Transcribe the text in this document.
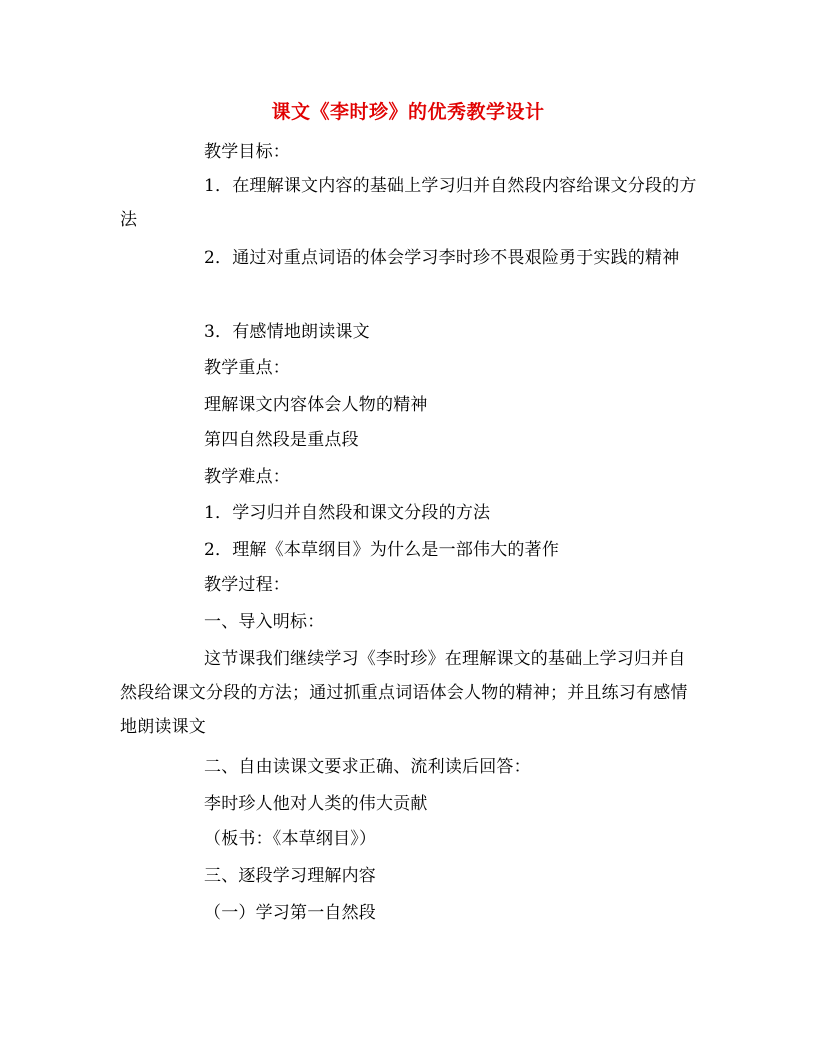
课文《李时珍》的优秀教学设计
教学目标：
1．在理解课文内容的基础上学习归并自然段内容给课文分段的方法
2．通过对重点词语的体会学习李时珍不畏艰险勇于实践的精神
3．有感情地朗读课文
教学重点：
理解课文内容体会人物的精神
第四自然段是重点段
教学难点：
1．学习归并自然段和课文分段的方法
2．理解《本草纲目》为什么是一部伟大的著作
教学过程：
一、导入明标：
这节课我们继续学习《李时珍》在理解课文的基础上学习归并自然段给课文分段的方法；通过抓重点词语体会人物的精神；并且练习有感情地朗读课文
二、自由读课文要求正确、流利读后回答：
李时珍人他对人类的伟大贡献
（板书：《本草纲目》）
三、逐段学习理解内容
（一）学习第一自然段
